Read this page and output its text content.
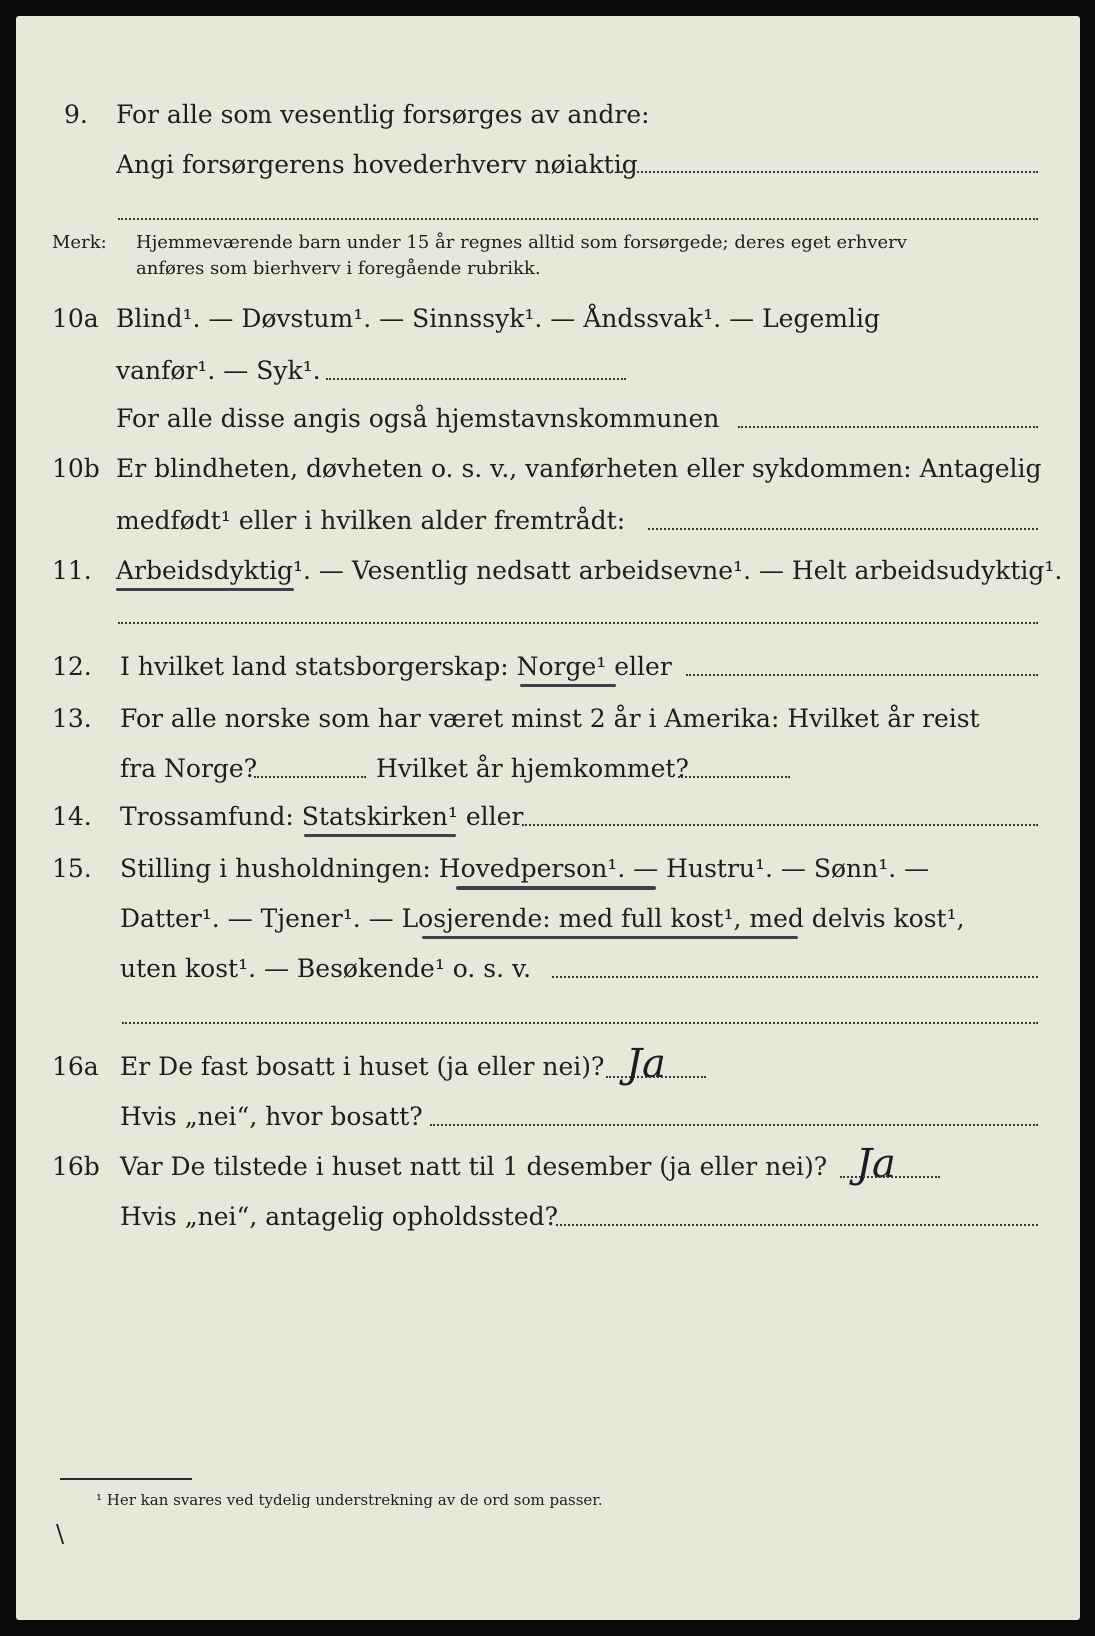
9. For alle som vesentlig forsørges av andre:
Angi forsørgerens hovederhverv nøiaktig
Merk: Hjemmeværende barn under 15 år regnes alltid som forsørgede; deres eget erhverv
anføres som bierhverv i foregående rubrikk.
10a Blind¹. — Døvstum¹. — Sinnssyk¹. — Åndssvak¹. — Legemlig
vanfør¹. — Syk¹.
For alle disse angis også hjemstavnskommunen
10b Er blindheten, døvheten o. s. v., vanførheten eller sykdommen: Antagelig
medfødt¹ eller i hvilken alder fremtrådt:
11. Arbeidsdyktig¹. — Vesentlig nedsatt arbeidsevne¹. — Helt arbeidsudyktig¹.
12. I hvilket land statsborgerskap: Norge¹ eller
13. For alle norske som har været minst 2 år i Amerika: Hvilket år reist
fra Norge?	Hvilket år hjemkommet?
14. Trossamfund: Statskirken¹ eller
15. Stilling i husholdningen: Hovedperson¹. — Hustru¹. — Sønn¹. —
Datter¹. — Tjener¹. — Losjerende: med full kost¹, med delvis kost¹,
uten kost¹. — Besøkende¹ o. s. v.
16a Er De fast bosatt i huset (ja eller nei)? Ja
Hvis „nei“, hvor bosatt?
16b Var De tilstede i huset natt til 1 desember (ja eller nei)? Ja
Hvis „nei“, antagelig opholdssted?
¹ Her kan svares ved tydelig understrekning av de ord som passer.
\
